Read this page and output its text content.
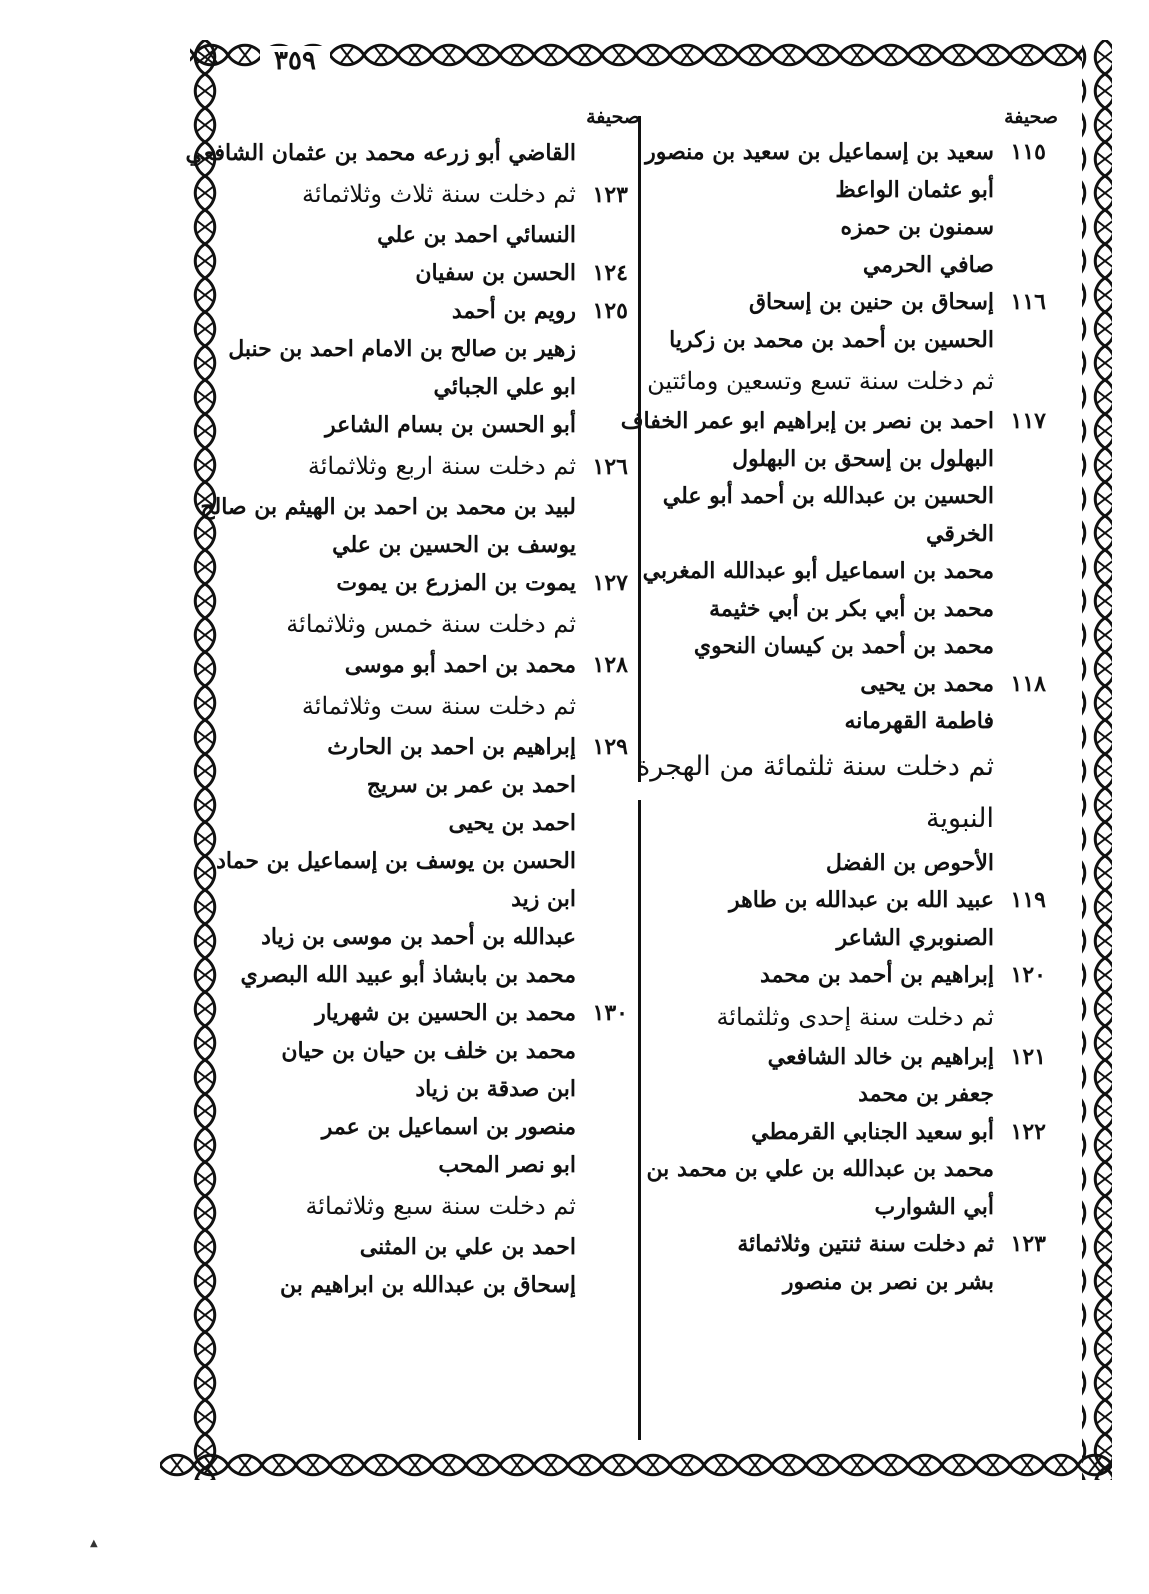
٣٥٩
صحيفة
١١٥سعيد بن إسماعيل بن سعيد بن منصور
أبو عثمان الواعظ
سمنون بن حمزه
صافي الحرمي
١١٦إسحاق بن حنين بن إسحاق
الحسين بن أحمد بن محمد بن زكريا
ثم دخلت سنة تسع وتسعين ومائتين
١١٧احمد بن نصر بن إبراهيم ابو عمر الخفاف
البهلول بن إسحق بن البهلول
الحسين بن عبدالله بن أحمد أبو علي
الخرقي
محمد بن اسماعيل أبو عبدالله المغربي
محمد بن أبي بكر بن أبي خثيمة
محمد بن أحمد بن كيسان النحوي
١١٨محمد بن يحيى
فاطمة القهرمانه
ثم دخلت سنة ثلثمائة من الهجرة
النبوية
الأحوص بن الفضل
١١٩عبيد الله بن عبدالله بن طاهر
الصنوبري الشاعر
١٢٠إبراهيم بن أحمد بن محمد
ثم دخلت سنة إحدى وثلثمائة
١٢١إبراهيم بن خالد الشافعي
جعفر بن محمد
١٢٢أبو سعيد الجنابي القرمطي
محمد بن عبدالله بن علي بن محمد بن
أبي الشوارب
١٢٣ثم دخلت سنة ثنتين وثلاثمائة
بشر بن نصر بن منصور
صحيفة
القاضي أبو زرعه محمد بن عثمان الشافعي
١٢٣ثم دخلت سنة ثلاث وثلاثمائة
النسائي احمد بن علي
١٢٤الحسن بن سفيان
١٢٥رويم بن أحمد
زهير بن صالح بن الامام احمد بن حنبل
ابو علي الجبائي
أبو الحسن بن بسام الشاعر
١٢٦ثم دخلت سنة اربع وثلاثمائة
لبيد بن محمد بن احمد بن الهيثم بن صالح
يوسف بن الحسين بن علي
١٢٧يموت بن المزرع بن يموت
ثم دخلت سنة خمس وثلاثمائة
١٢٨محمد بن احمد أبو موسى
ثم دخلت سنة ست وثلاثمائة
١٢٩إبراهيم بن احمد بن الحارث
احمد بن عمر بن سريج
احمد بن يحيى
الحسن بن يوسف بن إسماعيل بن حماد
ابن زيد
عبدالله بن أحمد بن موسى بن زياد
محمد بن بابشاذ أبو عبيد الله البصري
١٣٠محمد بن الحسين بن شهريار
محمد بن خلف بن حيان بن حيان
ابن صدقة بن زياد
منصور بن اسماعيل بن عمر
ابو نصر المحب
ثم دخلت سنة سبع وثلاثمائة
احمد بن علي بن المثنى
إسحاق بن عبدالله بن ابراهيم بن
▲
